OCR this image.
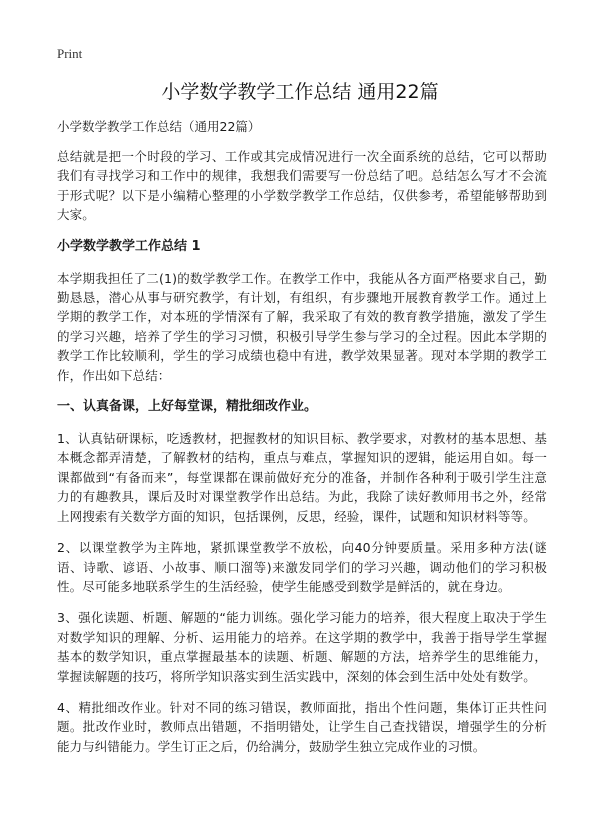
Print
小学数学教学工作总结 通用22篇
小学数学教学工作总结（通用22篇）

总结就是把一个时段的学习、工作或其完成情况进行一次全面系统的总结，它可以帮助我们有寻找学习和工作中的规律，我想我们需要写一份总结了吧。总结怎么写才不会流于形式呢？以下是小编精心整理的小学数学教学工作总结，仅供参考，希望能够帮助到大家。

小学数学教学工作总结 1

本学期我担任了二(1)的数学教学工作。在教学工作中，我能从各方面严格要求自己，勤勤恳恳，潜心从事与研究教学，有计划，有组织，有步骤地开展教育教学工作。通过上学期的教学工作，对本班的学情深有了解，我采取了有效的教育教学措施，激发了学生的学习兴趣，培养了学生的学习习惯，积极引导学生参与学习的全过程。因此本学期的教学工作比较顺利，学生的学习成绩也稳中有进，教学效果显著。现对本学期的教学工作，作出如下总结：

一、认真备课，上好每堂课，精批细改作业。

1、认真钻研课标，吃透教材，把握教材的知识目标、教学要求，对教材的基本思想、基本概念都弄清楚，了解教材的结构，重点与难点，掌握知识的逻辑，能运用自如。每一课都做到“有备而来”，每堂课都在课前做好充分的准备，并制作各种利于吸引学生注意力的有趣教具，课后及时对课堂教学作出总结。为此，我除了读好教师用书之外，经常上网搜索有关数学方面的知识，包括课例，反思，经验，课件，试题和知识材料等等。

2、以课堂教学为主阵地，紧抓课堂教学不放松，向40分钟要质量。采用多种方法(谜语、诗歌、谚语、小故事、顺口溜等)来激发同学们的学习兴趣，调动他们的学习积极性。尽可能多地联系学生的生活经验，使学生能感受到数学是鲜活的，就在身边。

3、强化读题、析题、解题的“能力训练。强化学习能力的培养，很大程度上取决于学生对数学知识的理解、分析、运用能力的培养。在这学期的教学中，我善于指导学生掌握基本的数学知识，重点掌握最基本的读题、析题、解题的方法，培养学生的思维能力，掌握读解题的技巧，将所学知识落实到生活实践中，深刻的体会到生活中处处有数学。

4、精批细改作业。针对不同的练习错误，教师面批，指出个性问题，集体订正共性问题。批改作业时，教师点出错题，不指明错处，让学生自己查找错误，增强学生的分析能力与纠错能力。学生订正之后，仍给满分，鼓励学生独立完成作业的习惯。
